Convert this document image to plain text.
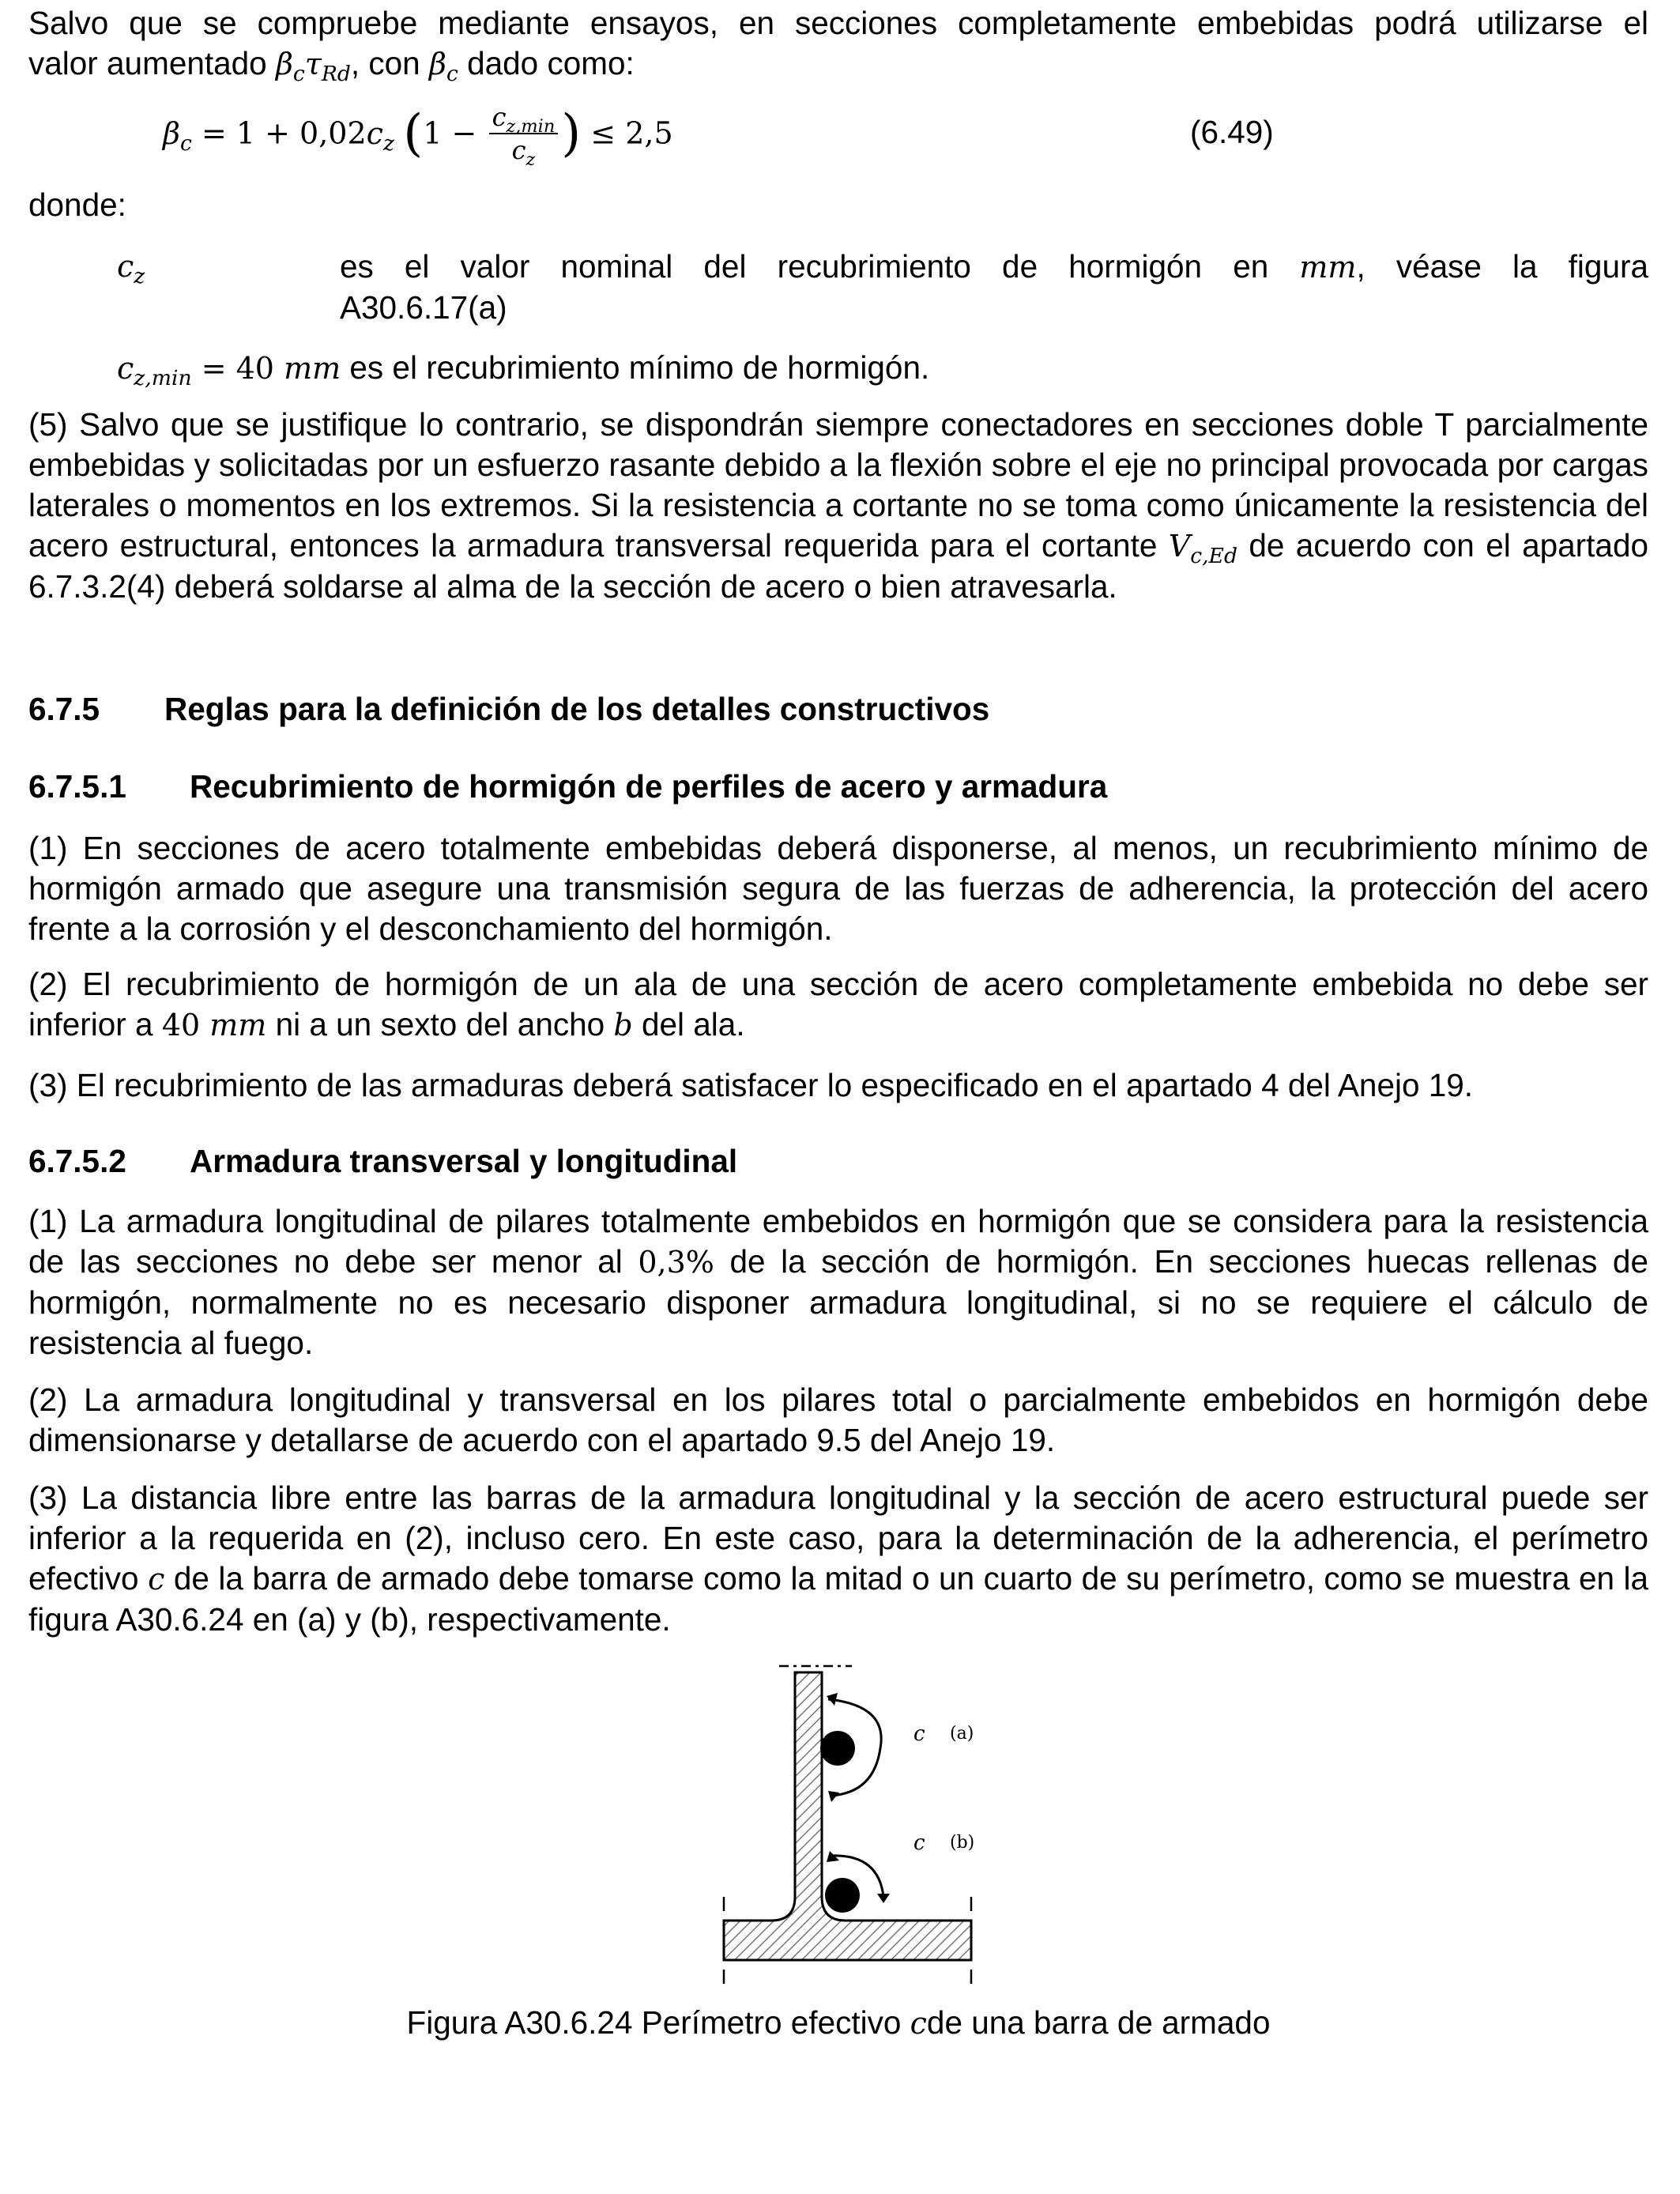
Salvo que se compruebe mediante ensayos, en secciones completamente embebidas podrá utilizarse el
valor aumentado $\beta_c\tau_{Rd}$, con $\beta_c$ dado como:
$\beta_c = 1 + 0,02c_z$ ($1 - \frac{c_{z,min}}{c_z}$ ) ≤ 2,5	(6.49)
donde:
$c_z$	es el valor nominal del recubrimiento de hormigón en mm, véase la figura
A30.6.17(a)
$c_{z,min} = 40$ mm es el recubrimiento mínimo de hormigón.
(5) Salvo que se justifique lo contrario, se dispondrán siempre conectadores en secciones doble T parcialmente embebidas y solicitadas por un esfuerzo rasante debido a la flexión sobre el eje no principal provocada por cargas laterales o momentos en los extremos. Si la resistencia a cortante no se toma como únicamente la resistencia del acero estructural, entonces la armadura transversal requerida para el cortante $V_{c,Ed}$ de acuerdo con el apartado 6.7.3.2(4) deberá soldarse al alma de la sección de acero o bien atravesarla.
6.7.5 Reglas para la definición de los detalles constructivos
6.7.5.1 Recubrimiento de hormigón de perfiles de acero y armadura
(1) En secciones de acero totalmente embebidas deberá disponerse, al menos, un recubrimiento mínimo de hormigón armado que asegure una transmisión segura de las fuerzas de adherencia, la protección del acero frente a la corrosión y el desconchamiento del hormigón.
(2) El recubrimiento de hormigón de un ala de una sección de acero completamente embebida no debe ser inferior a 40 mm ni a un sexto del ancho b del ala.
(3) El recubrimiento de las armaduras deberá satisfacer lo especificado en el apartado 4 del Anejo 19.
6.7.5.2 Armadura transversal y longitudinal
(1) La armadura longitudinal de pilares totalmente embebidos en hormigón que se considera para la resistencia de las secciones no debe ser menor al 0,3% de la sección de hormigón. En secciones huecas rellenas de hormigón, normalmente no es necesario disponer armadura longitudinal, si no se requiere el cálculo de resistencia al fuego.
(2) La armadura longitudinal y transversal en los pilares total o parcialmente embebidos en hormigón debe dimensionarse y detallarse de acuerdo con el apartado 9.5 del Anejo 19.
(3) La distancia libre entre las barras de la armadura longitudinal y la sección de acero estructural puede ser inferior a la requerida en (2), incluso cero. En este caso, para la determinación de la adherencia, el perímetro efectivo c de la barra de armado debe tomarse como la mitad o un cuarto de su perímetro, como se muestra en la figura A30.6.24 en (a) y (b), respectivamente.
c (a)
c (b)
Figura A30.6.24 Perímetro efectivo cde una barra de armado
